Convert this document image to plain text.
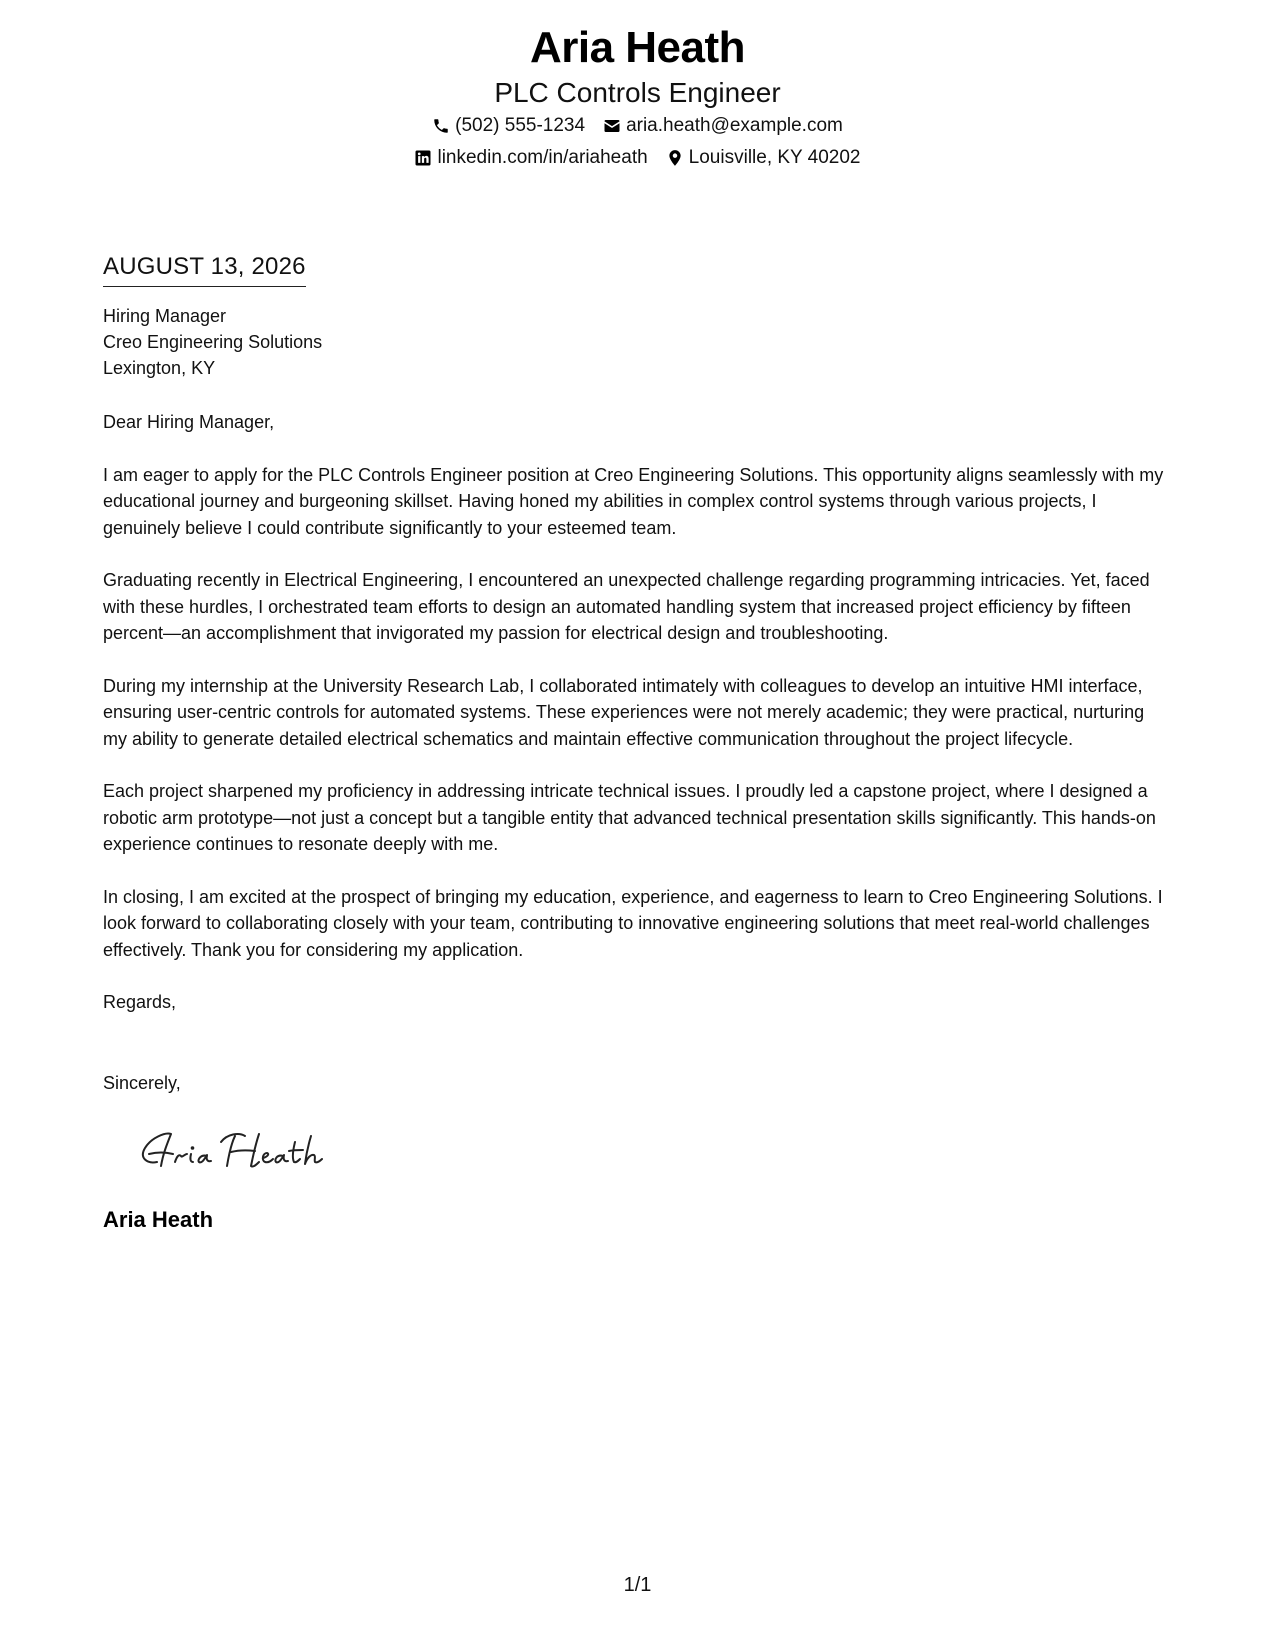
Aria Heath
PLC Controls Engineer
(502) 555-1234 aria.heath@example.com
linkedin.com/in/ariaheath Louisville, KY 40202
AUGUST 13, 2026
Hiring Manager
Creo Engineering Solutions
Lexington, KY
Dear Hiring Manager,
I am eager to apply for the PLC Controls Engineer position at Creo Engineering Solutions. This opportunity aligns seamlessly with my educational journey and burgeoning skillset. Having honed my abilities in complex control systems through various projects, I genuinely believe I could contribute significantly to your esteemed team.
Graduating recently in Electrical Engineering, I encountered an unexpected challenge regarding programming intricacies. Yet, faced with these hurdles, I orchestrated team efforts to design an automated handling system that increased project efficiency by fifteen percent—an accomplishment that invigorated my passion for electrical design and troubleshooting.
During my internship at the University Research Lab, I collaborated intimately with colleagues to develop an intuitive HMI interface, ensuring user-centric controls for automated systems. These experiences were not merely academic; they were practical, nurturing my ability to generate detailed electrical schematics and maintain effective communication throughout the project lifecycle.
Each project sharpened my proficiency in addressing intricate technical issues. I proudly led a capstone project, where I designed a robotic arm prototype—not just a concept but a tangible entity that advanced technical presentation skills significantly. This hands-on experience continues to resonate deeply with me.
In closing, I am excited at the prospect of bringing my education, experience, and eagerness to learn to Creo Engineering Solutions. I look forward to collaborating closely with your team, contributing to innovative engineering solutions that meet real-world challenges effectively. Thank you for considering my application.
Regards,
Sincerely,
Aria Heath
1/1
